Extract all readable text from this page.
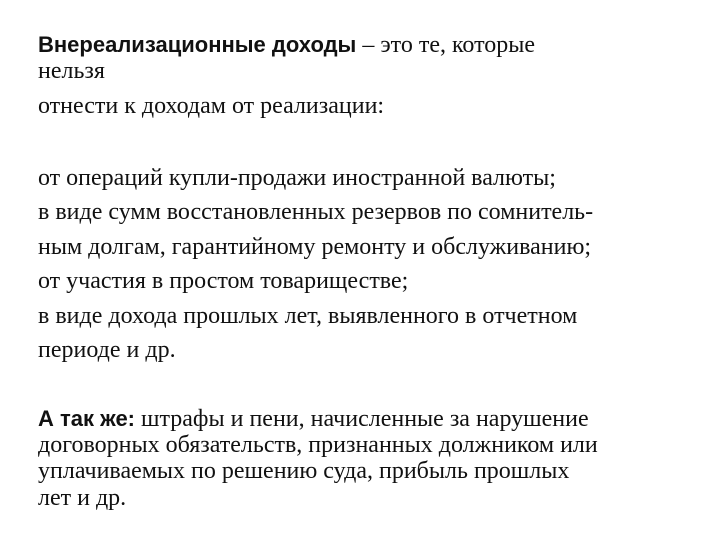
Внереализационные доходы – это те, которые
нельзя
отнести к доходам от реализации:
от операций купли-продажи иностранной валюты;
в виде сумм восстановленных резервов по сомнитель-
ным долгам, гарантийному ремонту и обслуживанию;
от участия в простом товариществе;
в виде дохода прошлых лет, выявленного в отчетном
периоде и др.
А так же: штрафы и пени, начисленные за нарушение
договорных обязательств, признанных должником или
уплачиваемых по решению суда, прибыль прошлых
лет и др.
